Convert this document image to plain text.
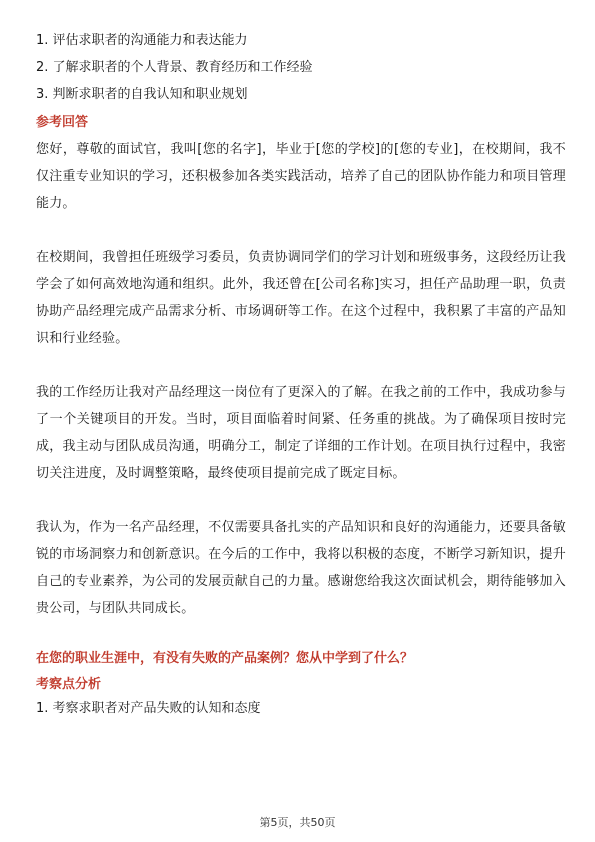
1. 评估求职者的沟通能力和表达能力
2. 了解求职者的个人背景、教育经历和工作经验
3. 判断求职者的自我认知和职业规划
参考回答

您好，尊敬的面试官，我叫[您的名字]，毕业于[您的学校]的[您的专业]，在校期间，我不仅注重专业知识的学习，还积极参加各类实践活动，培养了自己的团队协作能力和项目管理能力。

在校期间，我曾担任班级学习委员，负责协调同学们的学习计划和班级事务，这段经历让我学会了如何高效地沟通和组织。此外，我还曾在[公司名称]实习，担任产品助理一职，负责协助产品经理完成产品需求分析、市场调研等工作。在这个过程中，我积累了丰富的产品知识和行业经验。

我的工作经历让我对产品经理这一岗位有了更深入的了解。在我之前的工作中，我成功参与了一个关键项目的开发。当时，项目面临着时间紧、任务重的挑战。为了确保项目按时完成，我主动与团队成员沟通，明确分工，制定了详细的工作计划。在项目执行过程中，我密切关注进度，及时调整策略，最终使项目提前完成了既定目标。

我认为，作为一名产品经理，不仅需要具备扎实的产品知识和良好的沟通能力，还要具备敏锐的市场洞察力和创新意识。在今后的工作中，我将以积极的态度，不断学习新知识，提升自己的专业素养，为公司的发展贡献自己的力量。感谢您给我这次面试机会，期待能够加入贵公司，与团队共同成长。

在您的职业生涯中，有没有失败的产品案例？您从中学到了什么？
考察点分析
1. 考察求职者对产品失败的认知和态度
第5页，共50页
